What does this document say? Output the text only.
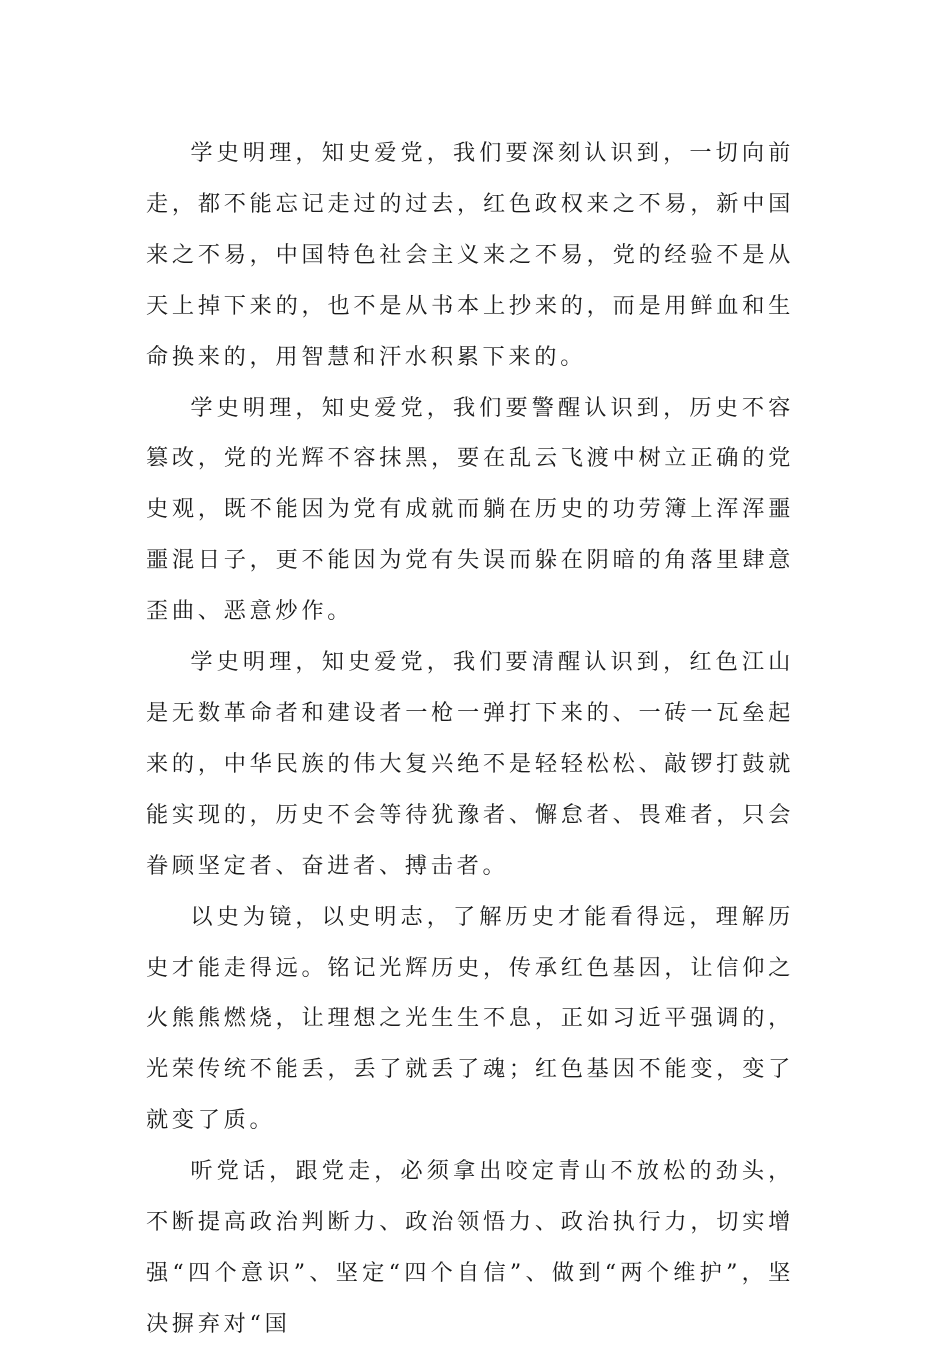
学史明理，知史爱党，我们要深刻认识到，一切向前走，都不能忘记走过的过去，红色政权来之不易，新中国来之不易，中国特色社会主义来之不易，党的经验不是从天上掉下来的，也不是从书本上抄来的，而是用鲜血和生命换来的，用智慧和汗水积累下来的。

学史明理，知史爱党，我们要警醒认识到，历史不容篡改，党的光辉不容抹黑，要在乱云飞渡中树立正确的党史观，既不能因为党有成就而躺在历史的功劳簿上浑浑噩噩混日子，更不能因为党有失误而躲在阴暗的角落里肆意歪曲、恶意炒作。

学史明理，知史爱党，我们要清醒认识到，红色江山是无数革命者和建设者一枪一弹打下来的、一砖一瓦垒起来的，中华民族的伟大复兴绝不是轻轻松松、敲锣打鼓就能实现的，历史不会等待犹豫者、懈怠者、畏难者，只会眷顾坚定者、奋进者、搏击者。

以史为镜，以史明志，了解历史才能看得远，理解历史才能走得远。铭记光辉历史，传承红色基因，让信仰之火熊熊燃烧，让理想之光生生不息，正如习近平强调的，光荣传统不能丢，丢了就丢了魂；红色基因不能变，变了就变了质。

听党话，跟党走，必须拿出咬定青山不放松的劲头，不断提高政治判断力、政治领悟力、政治执行力，切实增强“四个意识”、坚定“四个自信”、做到“两个维护”，坚决摒弃对“国
